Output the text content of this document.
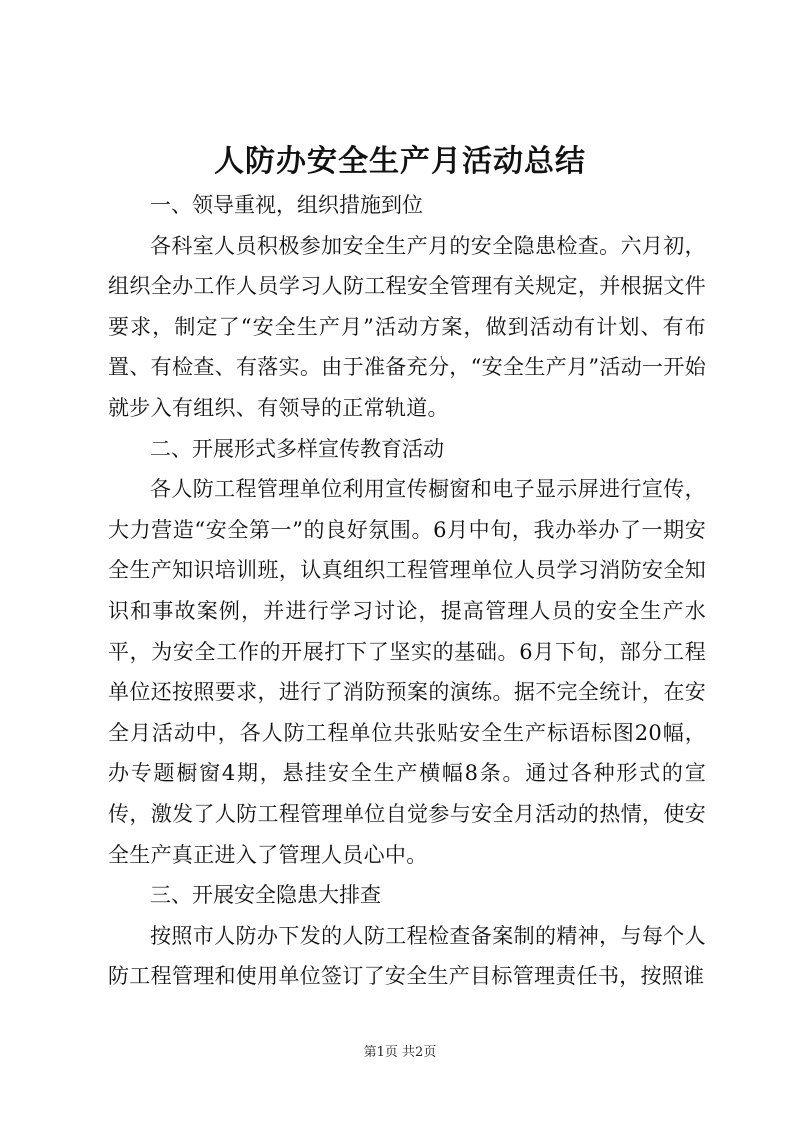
人防办安全生产月活动总结

一、领导重视，组织措施到位

各科室人员积极参加安全生产月的安全隐患检查。六月初，组织全办工作人员学习人防工程安全管理有关规定，并根据文件要求，制定了“安全生产月”活动方案，做到活动有计划、有布置、有检查、有落实。由于准备充分，“安全生产月”活动一开始就步入有组织、有领导的正常轨道。

二、开展形式多样宣传教育活动

各人防工程管理单位利用宣传橱窗和电子显示屏进行宣传，大力营造“安全第一”的良好氛围。6月中旬，我办举办了一期安全生产知识培训班，认真组织工程管理单位人员学习消防安全知识和事故案例，并进行学习讨论，提高管理人员的安全生产水平，为安全工作的开展打下了坚实的基础。6月下旬，部分工程单位还按照要求，进行了消防预案的演练。据不完全统计，在安全月活动中，各人防工程单位共张贴安全生产标语标图20幅，办专题橱窗4期，悬挂安全生产横幅8条。通过各种形式的宣传，激发了人防工程管理单位自觉参与安全月活动的热情，使安全生产真正进入了管理人员心中。

三、开展安全隐患大排查

按照市人防办下发的人防工程检查备案制的精神，与每个人防工程管理和使用单位签订了安全生产目标管理责任书，按照谁

第1页 共2页
